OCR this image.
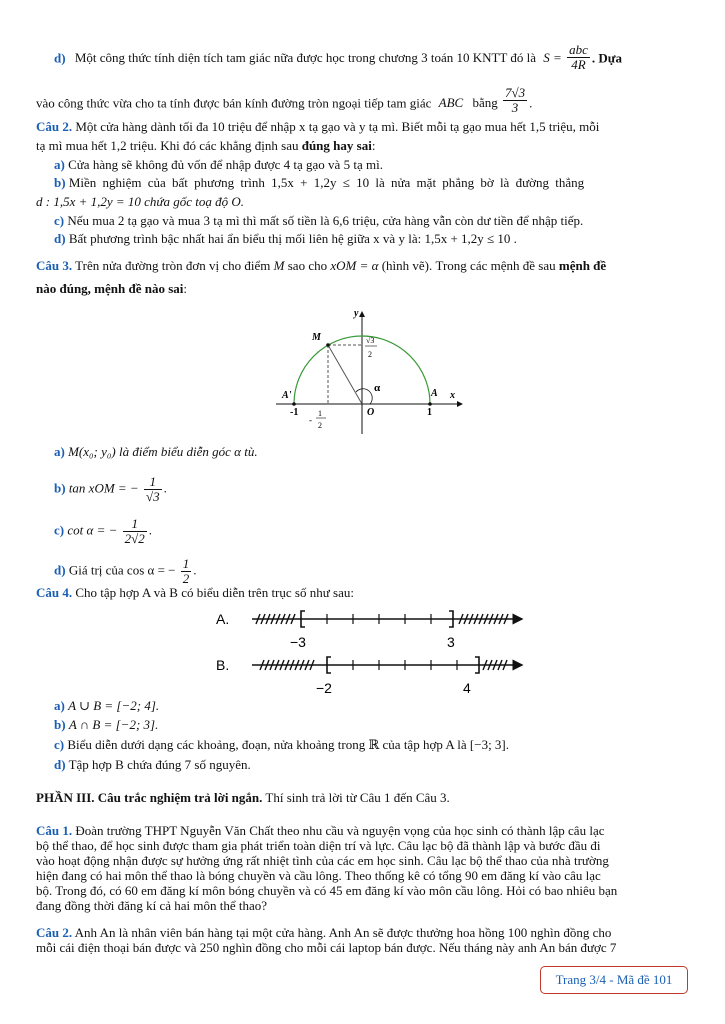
d) Một công thức tính diện tích tam giác nữa được học trong chương 3 toán 10 KNTT đó là $S = \frac{\text{abc}}{4R}$ . Dựa
vào công thức vừa cho ta tính được bán kính đường tròn ngoại tiếp tam giác ABC bằng $\frac{7√3}{3}$ .
Câu 2. Một cửa hàng dành tối đa 10 triệu để nhập x tạ gạo và y tạ mì. Biết mỗi tạ gạo mua hết 1,5 triệu, mỗi
tạ mì mua hết 1,2 triệu. Khi đó các khẳng định sau đúng hay sai:
a) Cửa hàng sẽ không đủ vốn để nhập được 4 tạ gạo và 5 tạ mì.
b) Miền nghiệm của bất phương trình 1,5x + 1,2y ≤ 10 là nửa mặt phẳng bờ là đường thẳng
d : 1,5x + 1,2y = 10 chứa gốc toạ độ O.
c) Nếu mua 2 tạ gạo và mua 3 tạ mì thì mất số tiền là 6,6 triệu, cửa hàng vẫn còn dư tiền để nhập tiếp.
d) Bất phương trình bậc nhất hai ẩn biểu thị mối liên hệ giữa x và y là: 1,5x + 1,2y ≤ 10 .
Câu 3. Trên nửa đường tròn đơn vị cho điểm M sao cho xOM = α (hình vẽ). Trong các mệnh đề sau mệnh đề
nào đúng, mệnh đề nào sai:
y
x
M
A'	A
O
α
-1	1
1
2
-
√3
2
a) M(x₀; y₀) là điểm biểu diễn góc α tù.
b) tan xOM = − $\frac{1}{√3}$ .
c) cot α = − $\frac{1}{2√2}$ .
d) Giá trị của cos α = − $\frac{1}{2}$ .
Câu 4. Cho tập hợp A và B có biểu diễn trên trục số như sau:
A.
−3	3
B.
−2	4
a) A ∪ B = [−2; 4].
b) A ∩ B = [−2; 3].
c) Biểu diễn dưới dạng các khoảng, đoạn, nửa khoảng trong ℝ của tập hợp A là [−3; 3].
d) Tập hợp B chứa đúng 7 số nguyên.
PHẦN III. Câu trắc nghiệm trả lời ngắn. Thí sinh trả lời từ Câu 1 đến Câu 3.
Câu 1. Đoàn trường THPT Nguyễn Văn Chất theo nhu cầu và nguyện vọng của học sinh có thành lập câu lạc
bộ thể thao, để học sinh được tham gia phát triển toàn diện trí và lực. Câu lạc bộ đã thành lập và bước đầu đi
vào hoạt động nhận được sự hưởng ứng rất nhiệt tình của các em học sinh. Câu lạc bộ thể thao của nhà trường
hiện đang có hai môn thể thao là bóng chuyền và cầu lông. Theo thống kê có tổng 90 em đăng kí vào câu lạc
bộ. Trong đó, có 60 em đăng kí môn bóng chuyền và có 45 em đăng kí vào môn cầu lông. Hỏi có bao nhiêu bạn
đang đồng thời đăng kí cả hai môn thể thao?
Câu 2. Anh An là nhân viên bán hàng tại một cửa hàng. Anh An sẽ được thưởng hoa hồng 100 nghìn đồng cho
mỗi cái điện thoại bán được và 250 nghìn đồng cho mỗi cái laptop bán được. Nếu tháng này anh An bán được 7
Trang 3/4 - Mã đề 101
